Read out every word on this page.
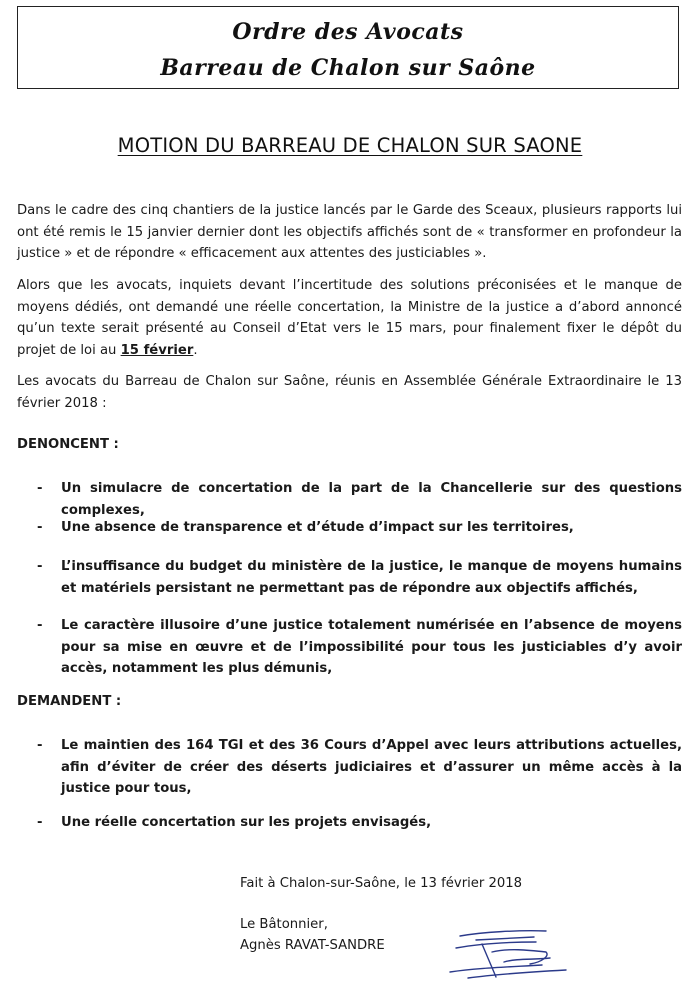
Ordre des Avocats
Barreau de Chalon sur Saône
MOTION DU BARREAU DE CHALON SUR SAONE
Dans le cadre des cinq chantiers de la justice lancés par le Garde des Sceaux, plusieurs rapports lui ont été remis le 15 janvier dernier dont les objectifs affichés sont de « transformer en profondeur la justice » et de répondre « efficacement aux attentes des justiciables ».
Alors que les avocats, inquiets devant l’incertitude des solutions préconisées et le manque de moyens dédiés, ont demandé une réelle concertation, la Ministre de la justice a d’abord annoncé qu’un texte serait présenté au Conseil d’Etat vers le 15 mars, pour finalement fixer le dépôt du projet de loi au 15 février.
Les avocats du Barreau de Chalon sur Saône, réunis en Assemblée Générale Extraordinaire le 13 février 2018 :
DENONCENT :
- Un simulacre de concertation de la part de la Chancellerie sur des questions complexes,
- Une absence de transparence et d’étude d’impact sur les territoires,
- L’insuffisance du budget du ministère de la justice, le manque de moyens humains et matériels persistant ne permettant pas de répondre aux objectifs affichés,
- Le caractère illusoire d’une justice totalement numérisée en l’absence de moyens pour sa mise en œuvre et de l’impossibilité pour tous les justiciables d’y avoir accès, notamment les plus démunis,
DEMANDENT :
- Le maintien des 164 TGI et des 36 Cours d’Appel avec leurs attributions actuelles, afin d’éviter de créer des déserts judiciaires et d’assurer un même accès à la justice pour tous,
- Une réelle concertation sur les projets envisagés,
Fait à Chalon-sur-Saône, le 13 février 2018
Le Bâtonnier,
Agnès RAVAT-SANDRE
